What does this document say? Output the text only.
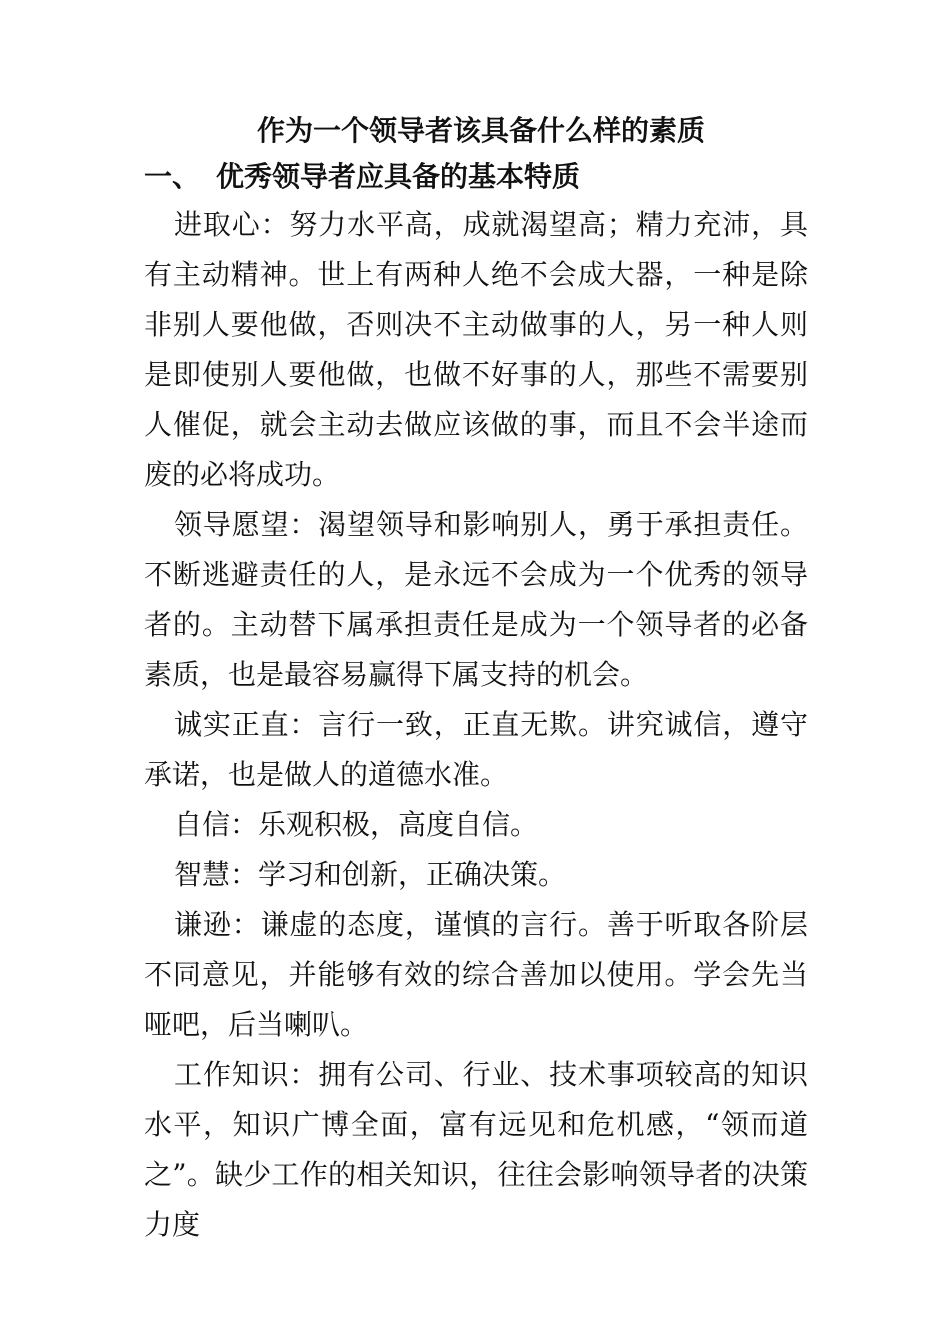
作为一个领导者该具备什么样的素质
一、 优秀领导者应具备的基本特质

进取心：努力水平高，成就渴望高；精力充沛，具有主动精神。世上有两种人绝不会成大器，一种是除非别人要他做，否则决不主动做事的人，另一种人则是即使别人要他做，也做不好事的人，那些不需要别人催促，就会主动去做应该做的事，而且不会半途而废的必将成功。

领导愿望：渴望领导和影响别人，勇于承担责任。不断逃避责任的人，是永远不会成为一个优秀的领导者的。主动替下属承担责任是成为一个领导者的必备素质，也是最容易赢得下属支持的机会。

诚实正直：言行一致，正直无欺。讲究诚信，遵守承诺，也是做人的道德水准。

自信：乐观积极，高度自信。

智慧：学习和创新，正确决策。

谦逊：谦虚的态度，谨慎的言行。善于听取各阶层不同意见，并能够有效的综合善加以使用。学会先当哑吧，后当喇叭。

工作知识：拥有公司、行业、技术事项较高的知识水平，知识广博全面，富有远见和危机感，“领而道之”。缺少工作的相关知识，往往会影响领导者的决策力度
